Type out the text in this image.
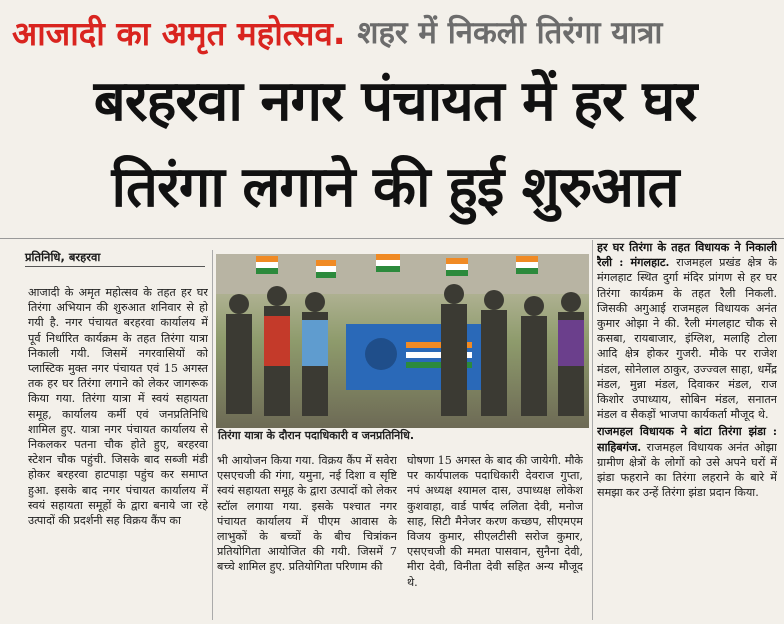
आजादी का अमृत महोत्सव . शहर में निकली तिरंगा यात्रा
बरहरवा नगर पंचायत में हर घर
तिरंगा लगाने की हुई शुरुआत
प्रतिनिधि, बरहरवा
आजादी के अमृत महोत्सव के तहत हर घर तिरंगा अभियान की शुरुआत शनिवार से हो गयी है. नगर पंचायत बरहरवा कार्यालय में पूर्व निर्धारित कार्यक्रम के तहत तिरंगा यात्रा निकाली गयी. जिसमें नगरवासियों को प्लास्टिक मुक्त नगर पंचायत एवं 15 अगस्त तक हर घर तिरंगा लगाने को लेकर जागरूक किया गया. तिरंगा यात्रा में स्वयं सहायता समूह, कार्यालय कर्मी एवं जनप्रतिनिधि शामिल हुए. यात्रा नगर पंचायत कार्यालय से निकलकर पतना चौक होते हुए, बरहरवा स्टेशन चौक पहुंची. जिसके बाद सब्जी मंडी होकर बरहरवा हाटपाड़ा पहुंच कर समाप्त हुआ. इसके बाद नगर पंचायत कार्यालय में स्वयं सहायता समूहों के द्वारा बनाये जा रहे उत्पादों की प्रदर्शनी सह विक्रय कैंप का
तिरंगा यात्रा के दौरान पदाधिकारी व जनप्रतिनिधि.
भी आयोजन किया गया. विक्रय कैंप में सवेरा एसएचजी की गंगा, यमुना, नई दिशा व सृष्टि स्वयं सहायता समूह के द्वारा उत्पादों को लेकर स्टॉल लगाया गया. इसके पश्चात नगर पंचायत कार्यालय में पीएम आवास के लाभुकों के बच्चों के बीच चित्रांकन प्रतियोगिता आयोजित की गयी. जिसमें 7 बच्चे शामिल हुए. प्रतियोगिता परिणाम की
घोषणा 15 अगस्त के बाद की जायेगी. मौके पर कार्यपालक पदाधिकारी देवराज गुप्ता, नपं अध्यक्ष श्यामल दास, उपाध्यक्ष लोकेश कुशवाहा, वार्ड पार्षद ललिता देवी, मनोज साह, सिटी मैनेजर करण कच्छप, सीएमएम विजय कुमार, सीएलटीसी सरोज कुमार, एसएचजी की ममता पासवान, सुनैना देवी, मीरा देवी, विनीता देवी सहित अन्य मौजूद थे.

हर घर तिरंगा के तहत विधायक ने निकाली रैली : मंगलहाट. राजमहल प्रखंड क्षेत्र के मंगलहाट स्थित दुर्गा मंदिर प्रांगण से हर घर तिरंगा कार्यक्रम के तहत रैली निकली. जिसकी अगुआई राजमहल विधायक अनंत कुमार ओझा ने की. रैली मंगलहाट चौक से कसबा, रायबाजार, इंग्लिश, मलाहि टोला आदि क्षेत्र होकर गुजरी. मौके पर राजेश मंडल, सोनेलाल ठाकुर, उज्ज्वल साहा, धर्मेंद्र मंडल, मुन्ना मंडल, दिवाकर मंडल, राज किशोर उपाध्याय, सोबिन मंडल, सनातन मंडल व सैकड़ों भाजपा कार्यकर्ता मौजूद थे.

राजमहल विधायक ने बांटा तिरंगा झंडा : साहिबगंज. राजमहल विधायक अनंत ओझा ग्रामीण क्षेत्रों के लोगों को उसे अपने घरों में झंडा फहराने का तिरंगा लहराने के बारे में समझा कर उन्हें तिरंगा झंडा प्रदान किया.
